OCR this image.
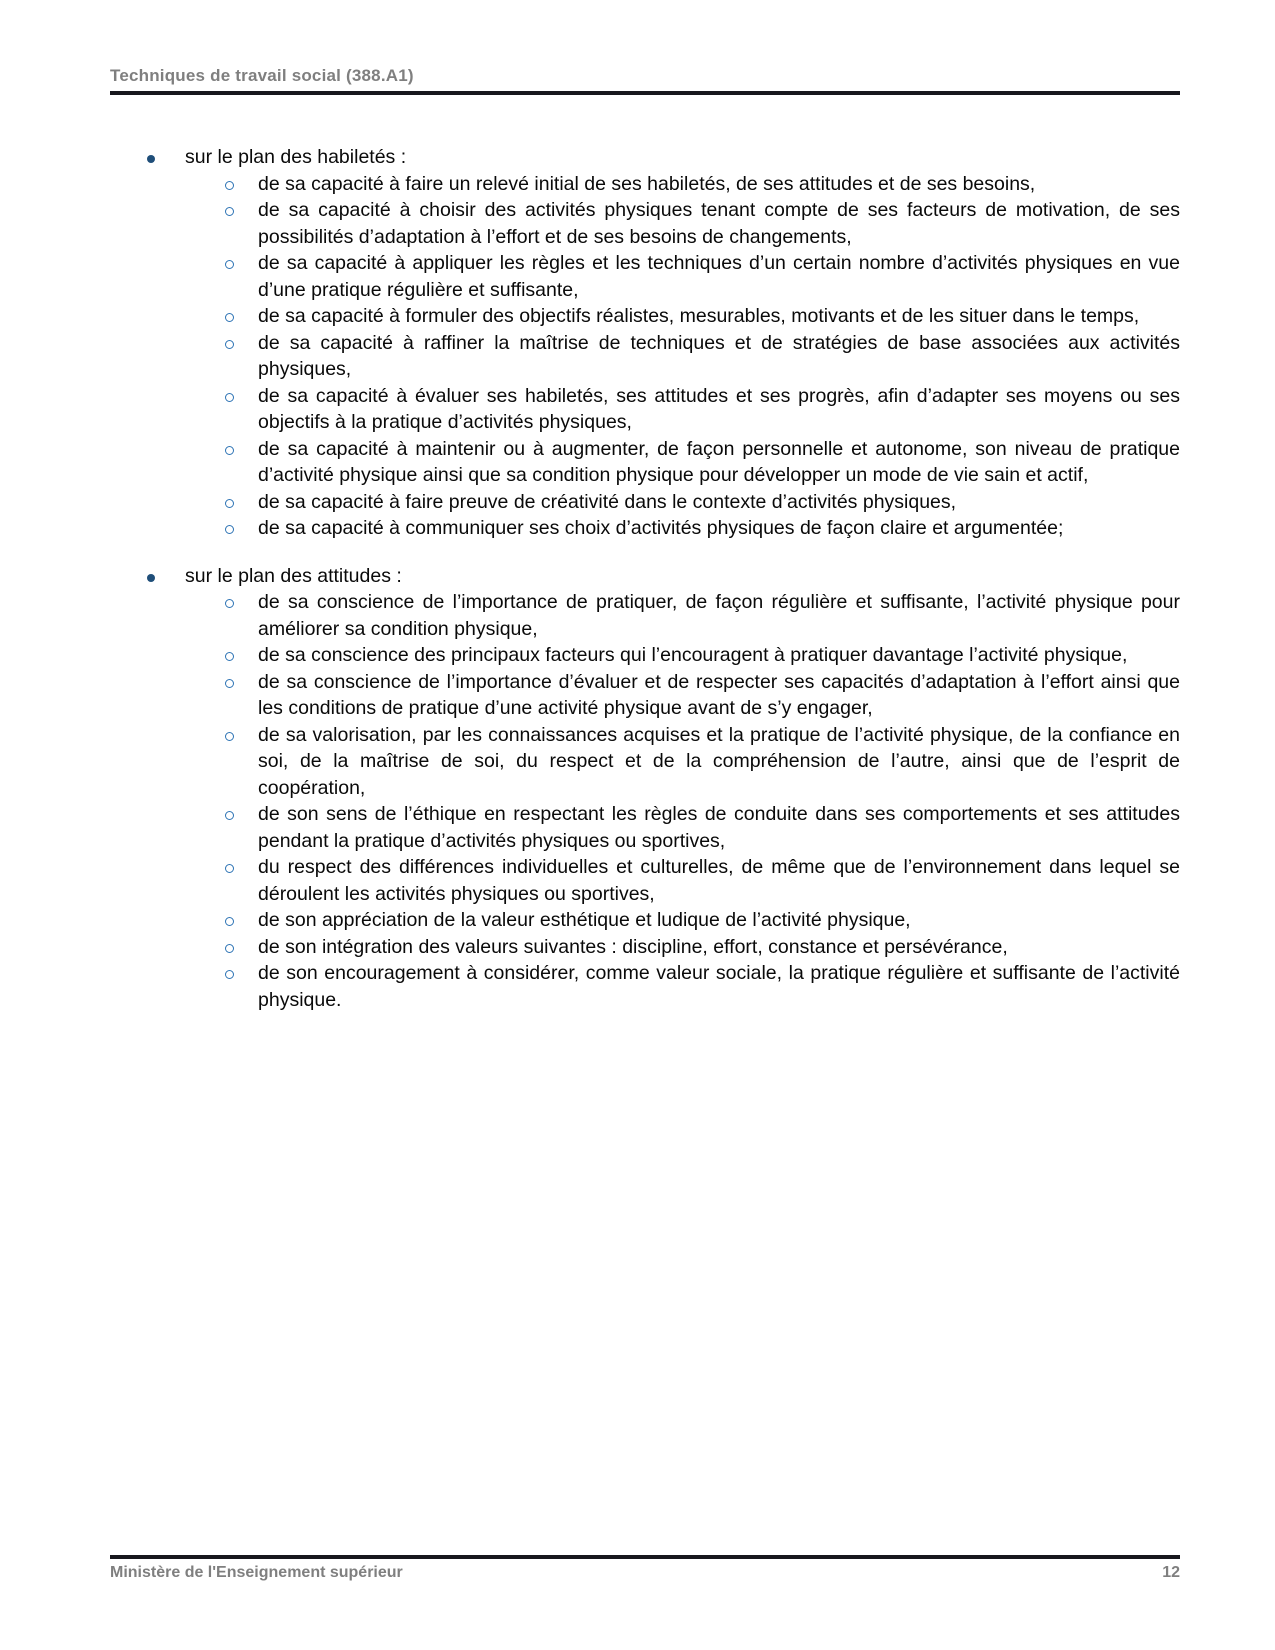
Techniques de travail social (388.A1)
sur le plan des habiletés :
de sa capacité à faire un relevé initial de ses habiletés, de ses attitudes et de ses besoins,
de sa capacité à choisir des activités physiques tenant compte de ses facteurs de motivation, de ses possibilités d’adaptation à l’effort et de ses besoins de changements,
de sa capacité à appliquer les règles et les techniques d’un certain nombre d’activités physiques en vue d’une pratique régulière et suffisante,
de sa capacité à formuler des objectifs réalistes, mesurables, motivants et de les situer dans le temps,
de sa capacité à raffiner la maîtrise de techniques et de stratégies de base associées aux activités physiques,
de sa capacité à évaluer ses habiletés, ses attitudes et ses progrès, afin d’adapter ses moyens ou ses objectifs à la pratique d’activités physiques,
de sa capacité à maintenir ou à augmenter, de façon personnelle et autonome, son niveau de pratique d’activité physique ainsi que sa condition physique pour développer un mode de vie sain et actif,
de sa capacité à faire preuve de créativité dans le contexte d’activités physiques,
de sa capacité à communiquer ses choix d’activités physiques de façon claire et argumentée;
sur le plan des attitudes :
de sa conscience de l’importance de pratiquer, de façon régulière et suffisante, l’activité physique pour améliorer sa condition physique,
de sa conscience des principaux facteurs qui l’encouragent à pratiquer davantage l’activité physique,
de sa conscience de l’importance d’évaluer et de respecter ses capacités d’adaptation à l’effort ainsi que les conditions de pratique d’une activité physique avant de s’y engager,
de sa valorisation, par les connaissances acquises et la pratique de l’activité physique, de la confiance en soi, de la maîtrise de soi, du respect et de la compréhension de l’autre, ainsi que de l’esprit de coopération,
de son sens de l’éthique en respectant les règles de conduite dans ses comportements et ses attitudes pendant la pratique d’activités physiques ou sportives,
du respect des différences individuelles et culturelles, de même que de l’environnement dans lequel se déroulent les activités physiques ou sportives,
de son appréciation de la valeur esthétique et ludique de l’activité physique,
de son intégration des valeurs suivantes : discipline, effort, constance et persévérance,
de son encouragement à considérer, comme valeur sociale, la pratique régulière et suffisante de l’activité physique.
Ministère de l'Enseignement supérieur	12
